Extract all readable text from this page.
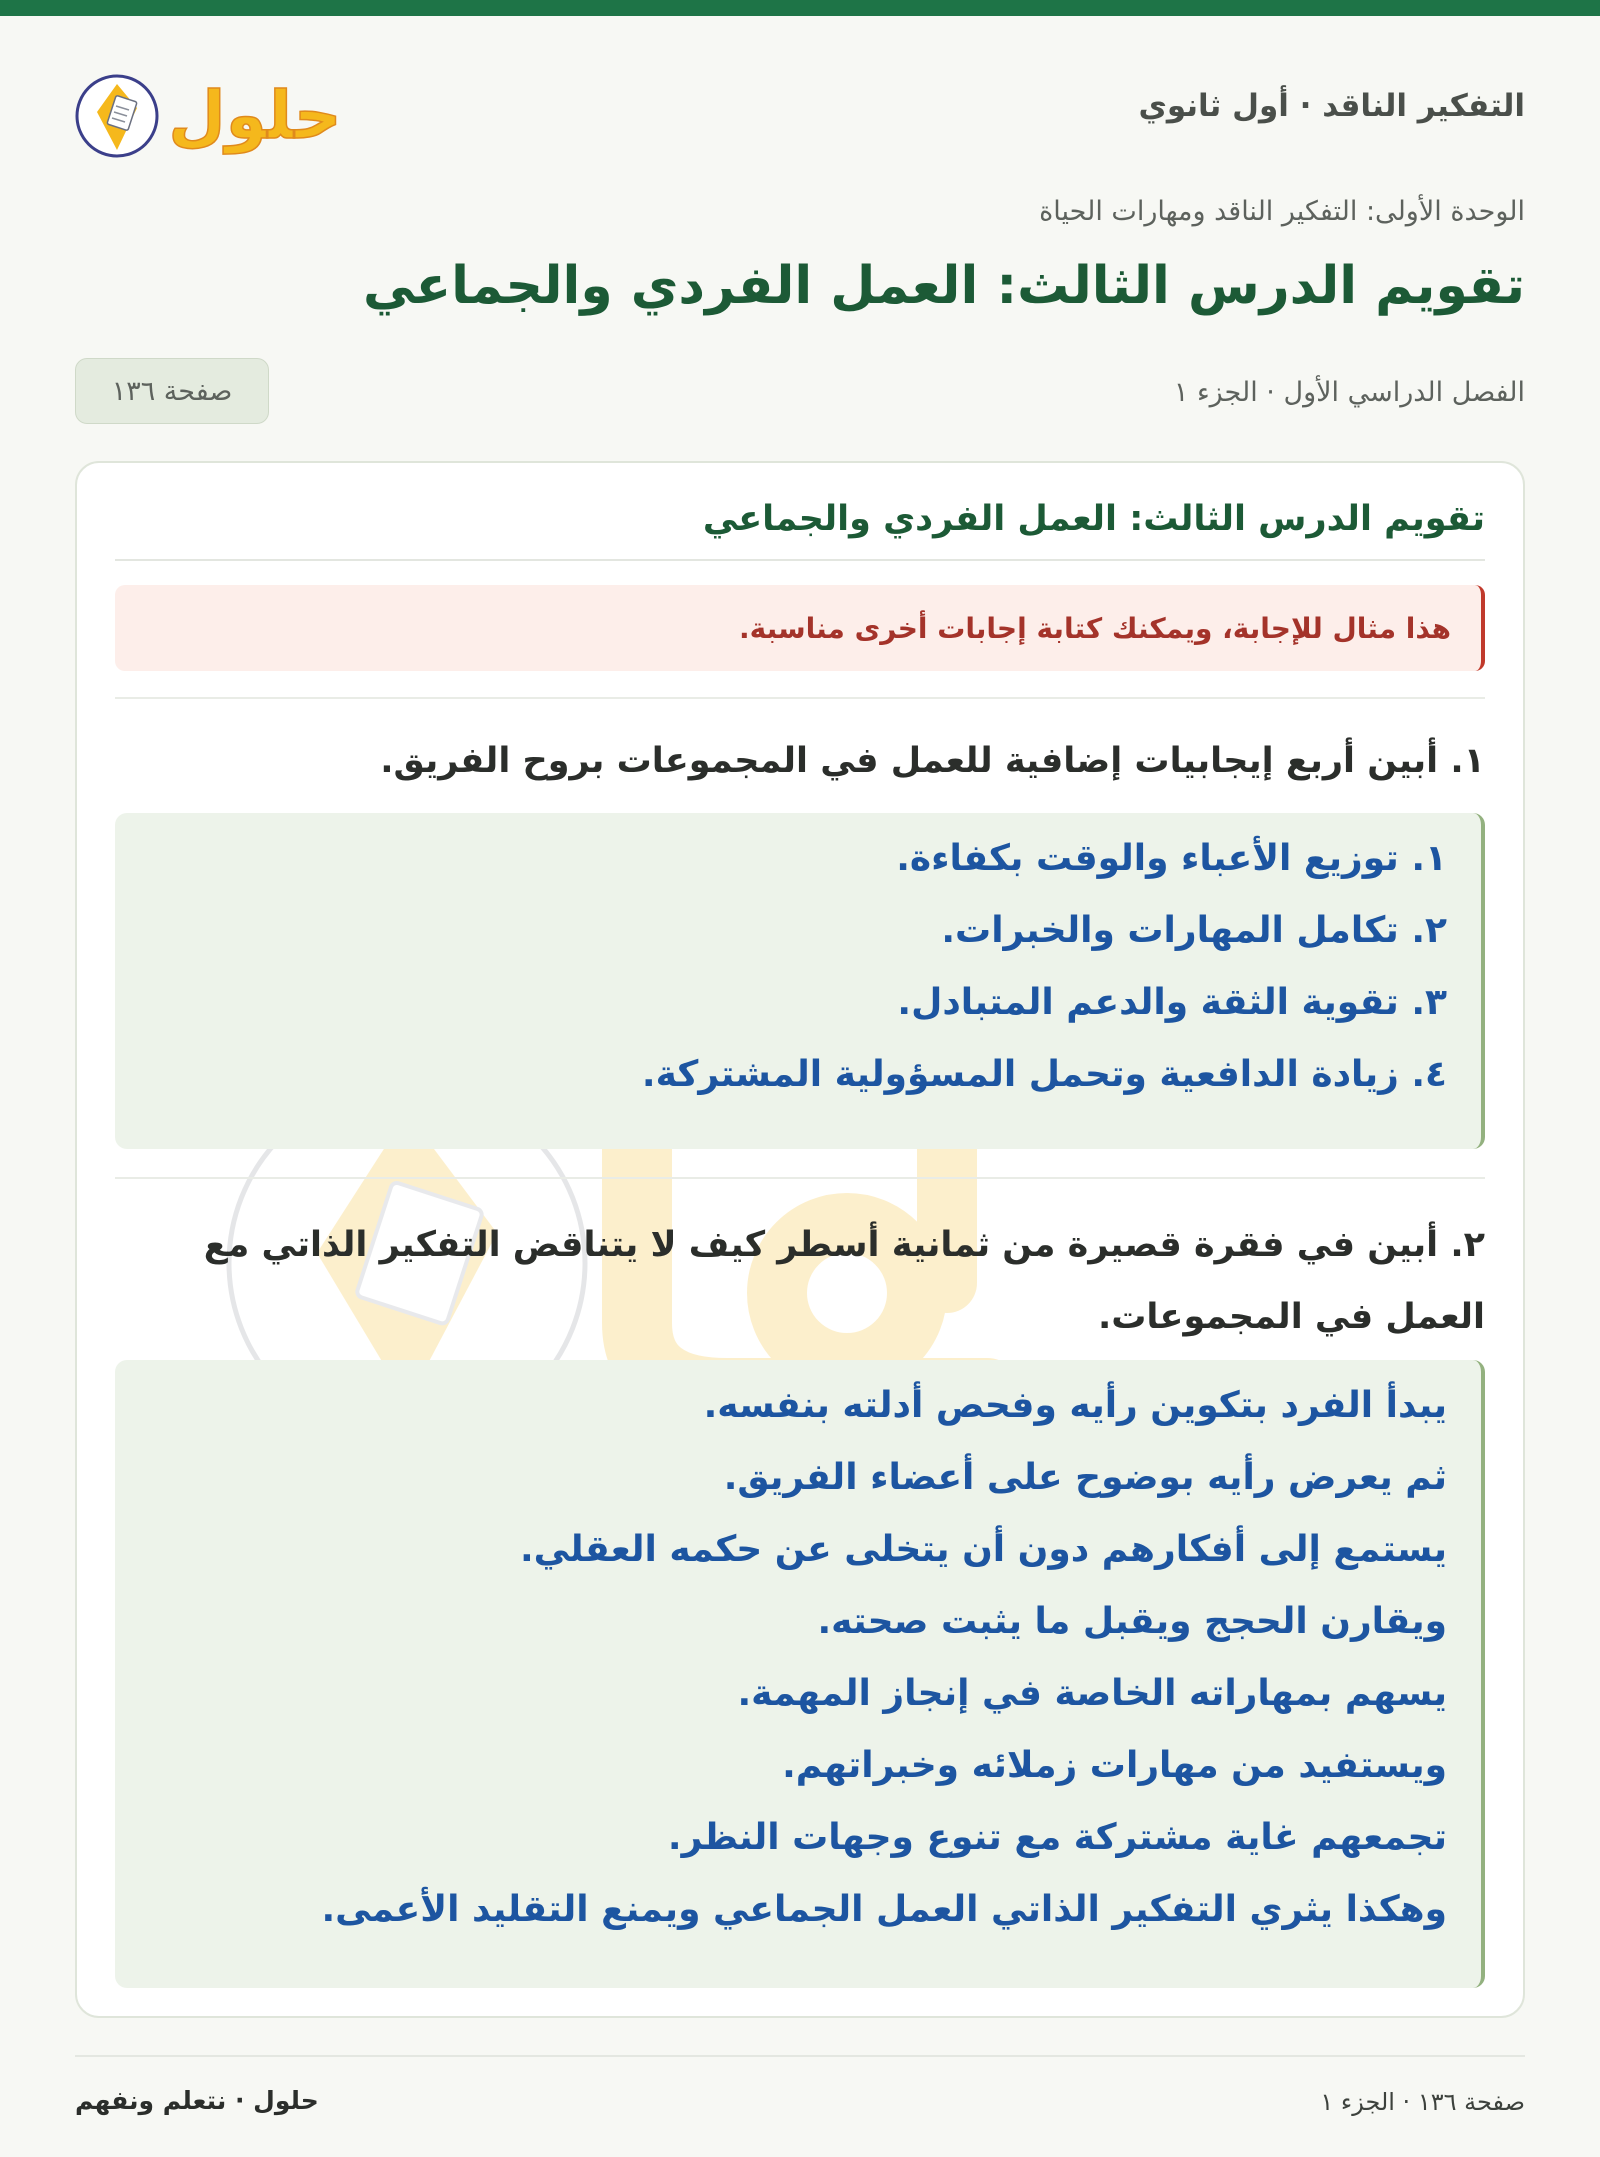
التفكير الناقد · أول ثانوي
حلول
الوحدة الأولى: التفكير الناقد ومهارات الحياة
تقويم الدرس الثالث: العمل الفردي والجماعي
الفصل الدراسي الأول · الجزء ١
صفحة ١٣٦
تقويم الدرس الثالث: العمل الفردي والجماعي
هذا مثال للإجابة، ويمكنك كتابة إجابات أخرى مناسبة.
١. أبين أربع إيجابيات إضافية للعمل في المجموعات بروح الفريق.
١. توزيع الأعباء والوقت بكفاءة.
٢. تكامل المهارات والخبرات.
٣. تقوية الثقة والدعم المتبادل.
٤. زيادة الدافعية وتحمل المسؤولية المشتركة.
٢. أبين في فقرة قصيرة من ثمانية أسطر كيف لا يتناقض التفكير الذاتي مع العمل في المجموعات.
يبدأ الفرد بتكوين رأيه وفحص أدلته بنفسه.
ثم يعرض رأيه بوضوح على أعضاء الفريق.
يستمع إلى أفكارهم دون أن يتخلى عن حكمه العقلي.
ويقارن الحجج ويقبل ما يثبت صحته.
يسهم بمهاراته الخاصة في إنجاز المهمة.
ويستفيد من مهارات زملائه وخبراتهم.
تجمعهم غاية مشتركة مع تنوع وجهات النظر.
وهكذا يثري التفكير الذاتي العمل الجماعي ويمنع التقليد الأعمى.
صفحة ١٣٦ · الجزء ١
حلول · نتعلم ونفهم
